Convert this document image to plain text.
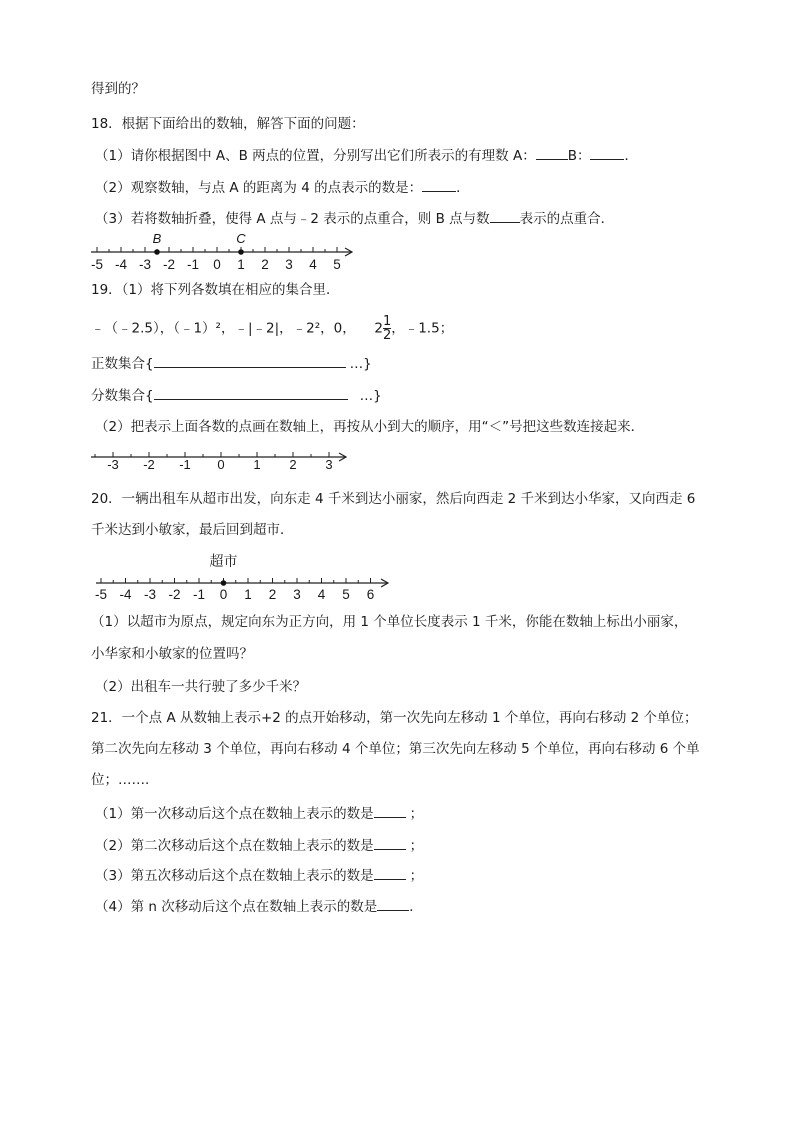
得到的？
18．根据下面给出的数轴，解答下面的问题：
（1）请你根据图中 A、B 两点的位置，分别写出它们所表示的有理数 A： B：	．
（2）观察数轴，与点 A 的距离为 4 的点表示的数是：	．
（3）若将数轴折叠，使得 A 点与﹣2 表示的点重合，则 B 点与数 表示的点重合．
-5 -4 -3 -2 -1 0 1 2 3 4 5
B	C
-3 -2 -1 0 1 2 3
-5 -4 -3 -2 -1 0 1 2 3 4 5 6
超市
19．（1）将下列各数填在相应的集合里．
﹣（﹣2.5），（﹣1）²，﹣|﹣2|，﹣2²，0， $2 \frac{1}{2}$ ，﹣1.5；
正数集合{	…}
分数集合{	…}
（2）把表示上面各数的点画在数轴上，再按从小到大的顺序，用“＜”号把这些数连接起来．
20．一辆出租车从超市出发，向东走 4 千米到达小丽家，然后向西走 2 千米到达小华家，又向西走 6
千米达到小敏家，最后回到超市．
（1）以超市为原点，规定向东为正方向，用 1 个单位长度表示 1 千米，你能在数轴上标出小丽家，
小华家和小敏家的位置吗？
（2）出租车一共行驶了多少千米？
21．一个点 A 从数轴上表示+2 的点开始移动，第一次先向左移动 1 个单位，再向右移动 2 个单位；
第二次先向左移动 3 个单位，再向右移动 4 个单位；第三次先向左移动 5 个单位，再向右移动 6 个单
位；…….
（1）第一次移动后这个点在数轴上表示的数是	；
（2）第二次移动后这个点在数轴上表示的数是	；
（3）第五次移动后这个点在数轴上表示的数是	；
（4）第 n 次移动后这个点在数轴上表示的数是 ．
